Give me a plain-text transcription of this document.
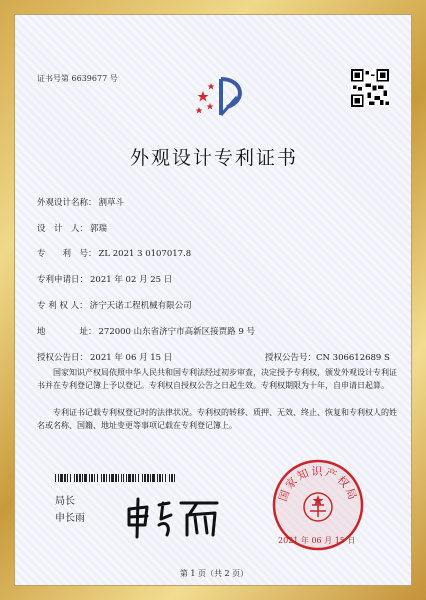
证书号第 6639677 号
外观设计专利证书
外观设计名称： 割草斗
设　计　人： 郭瑞
专　　利　号： ZL 2021 3 0107017.8
专利申请日： 2021 年 02 月 25 日
专 利 权 人： 济宁天诺工程机械有限公司
地　　　　址： 272000 山东省济宁市高新区接贾路 9 号
授权公告日： 2021 年 06 月 15 日	授权公告号：CN 306612689 S
国家知识产权局依照中华人民共和国专利法经过初步审查，决定授予专利权，颁发外观设计专利证书并在专利登记簿上予以登记。专利权自授权公告之日起生效。专利权期限为十年，自申请日起算。
专利证书记载专利权登记时的法律状况。专利权的转移、质押、无效、终止、恢复和专利权人的姓名或名称、国籍、地址变更等事项记载在专利登记簿上。
局长
申长雨
国家知识产权局
2021 年 06 月 15 日
第 1 页（共 2 页）
